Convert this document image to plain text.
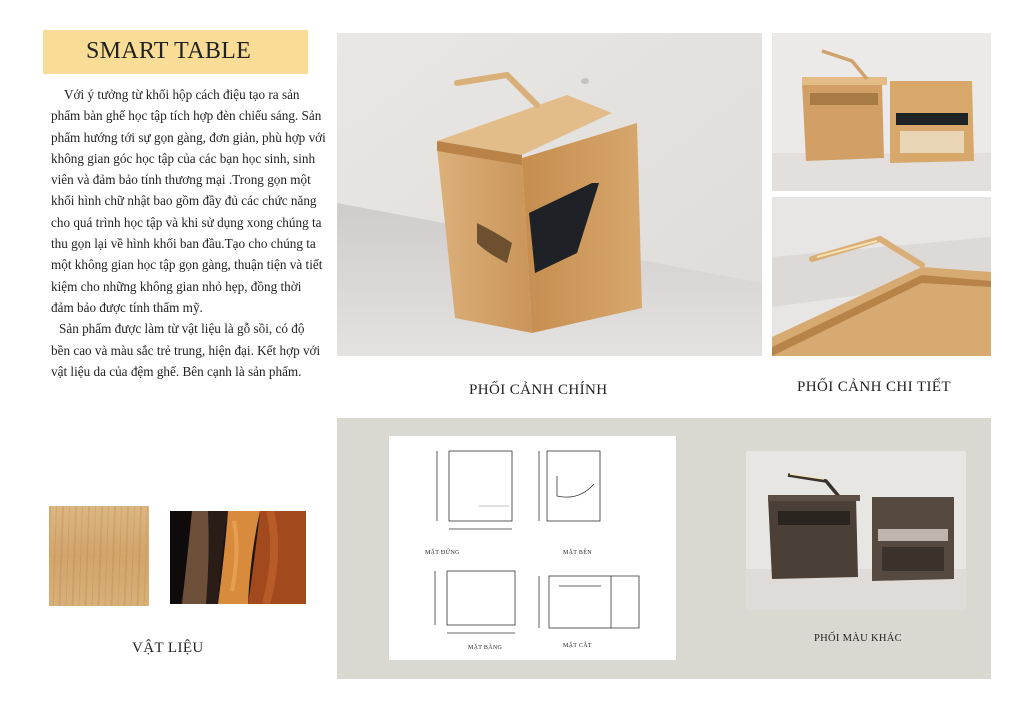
SMART TABLE

Với ý tưởng từ khối hộp cách điệu tạo ra sản phẩm bàn ghế học tập tích hợp đèn chiếu sáng. Sản phẩm hướng tới sự gọn gàng, đơn giản, phù hợp với không gian góc học tập của các bạn học sinh, sinh viên và đảm bảo tính thương mại .Trong gọn một khối hình chữ nhật bao gồm đầy đủ các chức năng cho quá trình học tập và khi sử dụng xong chúng ta thu gọn lại về hình khối ban đầu.Tạo cho chúng ta một không gian học tập gọn gàng, thuận tiện và tiết kiệm cho những không gian nhỏ hẹp, đồng thời đảm bảo được tính thẩm mỹ.

Sản phẩm được làm từ vật liệu là gỗ sồi, có độ bền cao và màu sắc trẻ trung, hiện đại. Kết hợp với vật liệu da của đệm ghế. Bên cạnh là sản phẩm.

VẬT LIỆU
PHỐI CẢNH CHÍNH	PHỐI CẢNH CHI TIẾT
MẶT ĐỨNG	MẶT BÊN
MẶT BẰNG	MẶT CẮT
PHỐI MÀU KHÁC
